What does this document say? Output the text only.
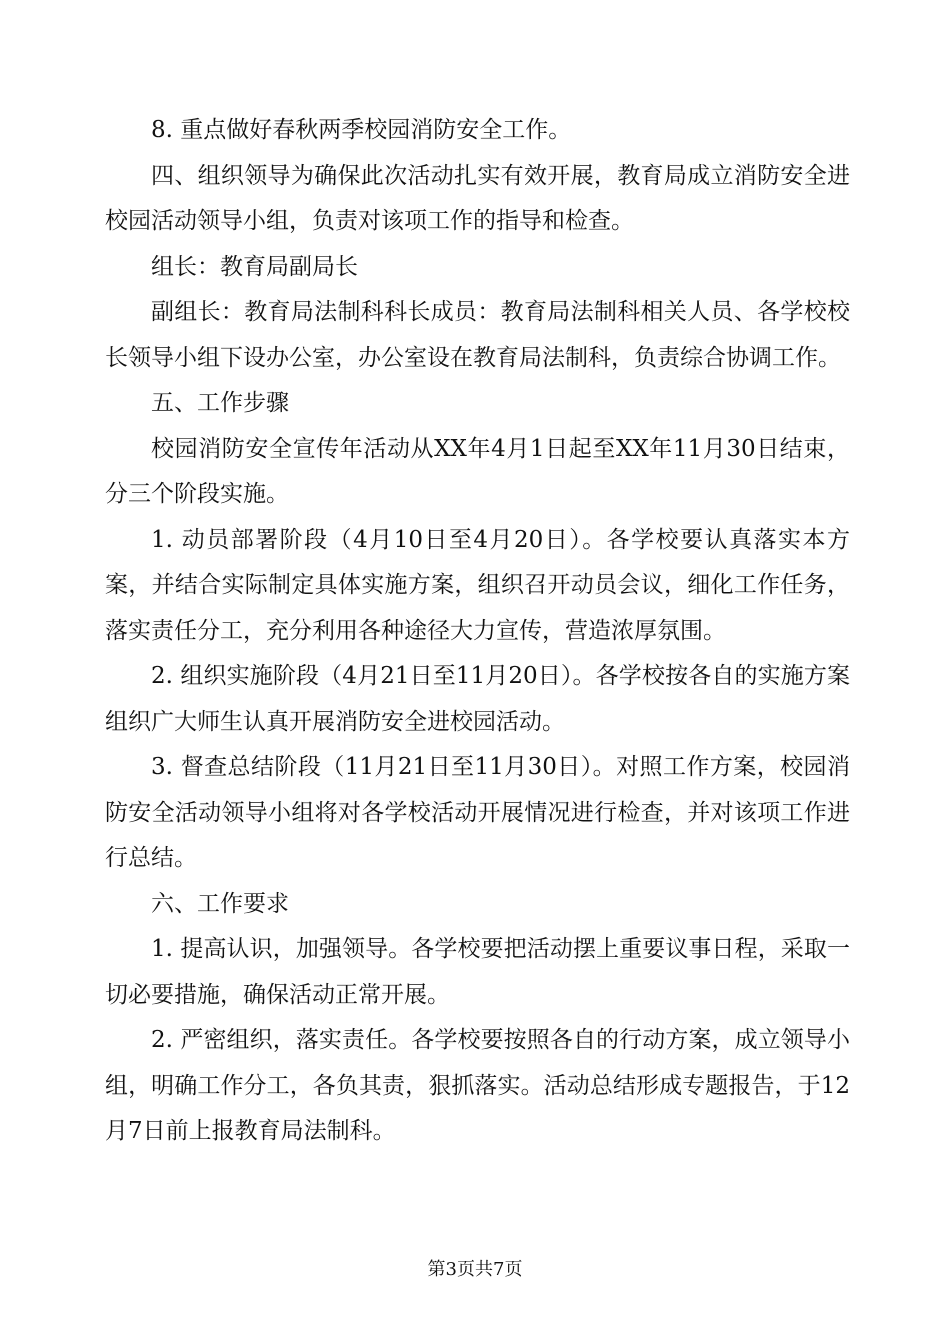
8. 重点做好春秋两季校园消防安全工作。

四、组织领导为确保此次活动扎实有效开展，教育局成立消防安全进校园活动领导小组，负责对该项工作的指导和检查。

组长：教育局副局长

副组长：教育局法制科科长成员：教育局法制科相关人员、各学校校长领导小组下设办公室，办公室设在教育局法制科，负责综合协调工作。

五、工作步骤

校园消防安全宣传年活动从XX年4月1日起至XX年11月30日结束，分三个阶段实施。

1. 动员部署阶段（4月10日至4月20日）。各学校要认真落实本方案，并结合实际制定具体实施方案，组织召开动员会议，细化工作任务，落实责任分工，充分利用各种途径大力宣传，营造浓厚氛围。

2. 组织实施阶段（4月21日至11月20日）。各学校按各自的实施方案组织广大师生认真开展消防安全进校园活动。

3. 督查总结阶段（11月21日至11月30日）。对照工作方案，校园消防安全活动领导小组将对各学校活动开展情况进行检查，并对该项工作进行总结。

六、工作要求

1. 提高认识，加强领导。各学校要把活动摆上重要议事日程，采取一切必要措施，确保活动正常开展。

2. 严密组织，落实责任。各学校要按照各自的行动方案，成立领导小组，明确工作分工，各负其责，狠抓落实。活动总结形成专题报告，于12月7日前上报教育局法制科。

第3页共7页
